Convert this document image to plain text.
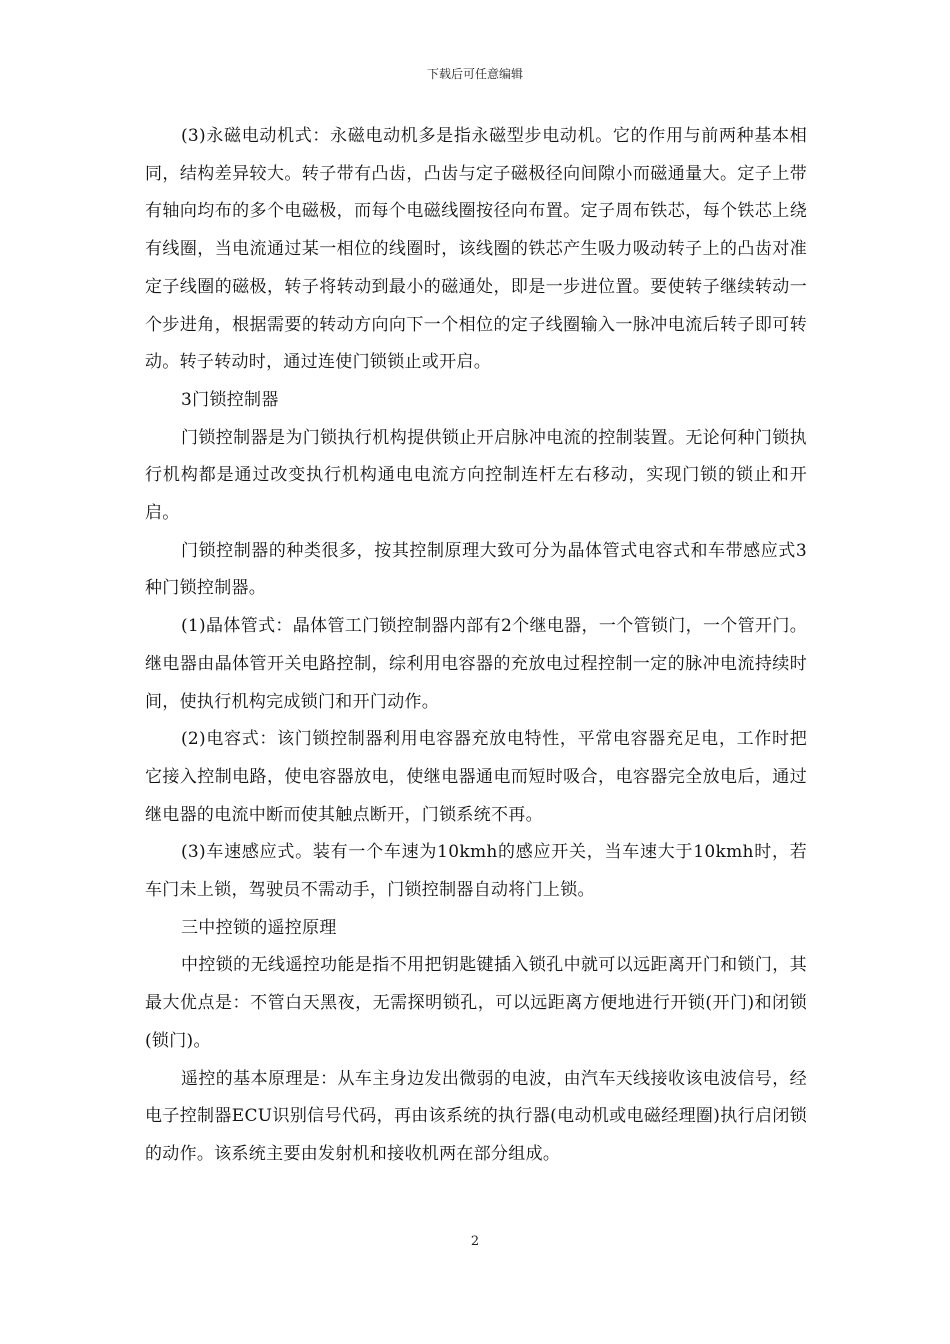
下载后可任意编辑

(3)永磁电动机式：永磁电动机多是指永磁型步电动机。它的作用与前两种基本相同，结构差异较大。转子带有凸齿，凸齿与定子磁极径向间隙小而磁通量大。定子上带有轴向均布的多个电磁极，而每个电磁线圈按径向布置。定子周布铁芯，每个铁芯上绕有线圈，当电流通过某一相位的线圈时，该线圈的铁芯产生吸力吸动转子上的凸齿对准定子线圈的磁极，转子将转动到最小的磁通处，即是一步进位置。要使转子继续转动一个步进角，根据需要的转动方向向下一个相位的定子线圈输入一脉冲电流后转子即可转动。转子转动时，通过连使门锁锁止或开启。

3门锁控制器

门锁控制器是为门锁执行机构提供锁止开启脉冲电流的控制装置。无论何种门锁执行机构都是通过改变执行机构通电电流方向控制连杆左右移动，实现门锁的锁止和开启。

门锁控制器的种类很多，按其控制原理大致可分为晶体管式电容式和车带感应式3种门锁控制器。

(1)晶体管式：晶体管工门锁控制器内部有2个继电器，一个管锁门，一个管开门。继电器由晶体管开关电路控制，综利用电容器的充放电过程控制一定的脉冲电流持续时间，使执行机构完成锁门和开门动作。

(2)电容式：该门锁控制器利用电容器充放电特性，平常电容器充足电，工作时把它接入控制电路，使电容器放电，使继电器通电而短时吸合，电容器完全放电后，通过继电器的电流中断而使其触点断开，门锁系统不再。

(3)车速感应式。装有一个车速为10kmh的感应开关，当车速大于10kmh时，若车门未上锁，驾驶员不需动手，门锁控制器自动将门上锁。

三中控锁的遥控原理

中控锁的无线遥控功能是指不用把钥匙键插入锁孔中就可以远距离开门和锁门，其最大优点是：不管白天黑夜，无需探明锁孔，可以远距离方便地进行开锁(开门)和闭锁(锁门)。

遥控的基本原理是：从车主身边发出微弱的电波，由汽车天线接收该电波信号，经电子控制器ECU识别信号代码，再由该系统的执行器(电动机或电磁经理圈)执行启闭锁的动作。该系统主要由发射机和接收机两在部分组成。

2
